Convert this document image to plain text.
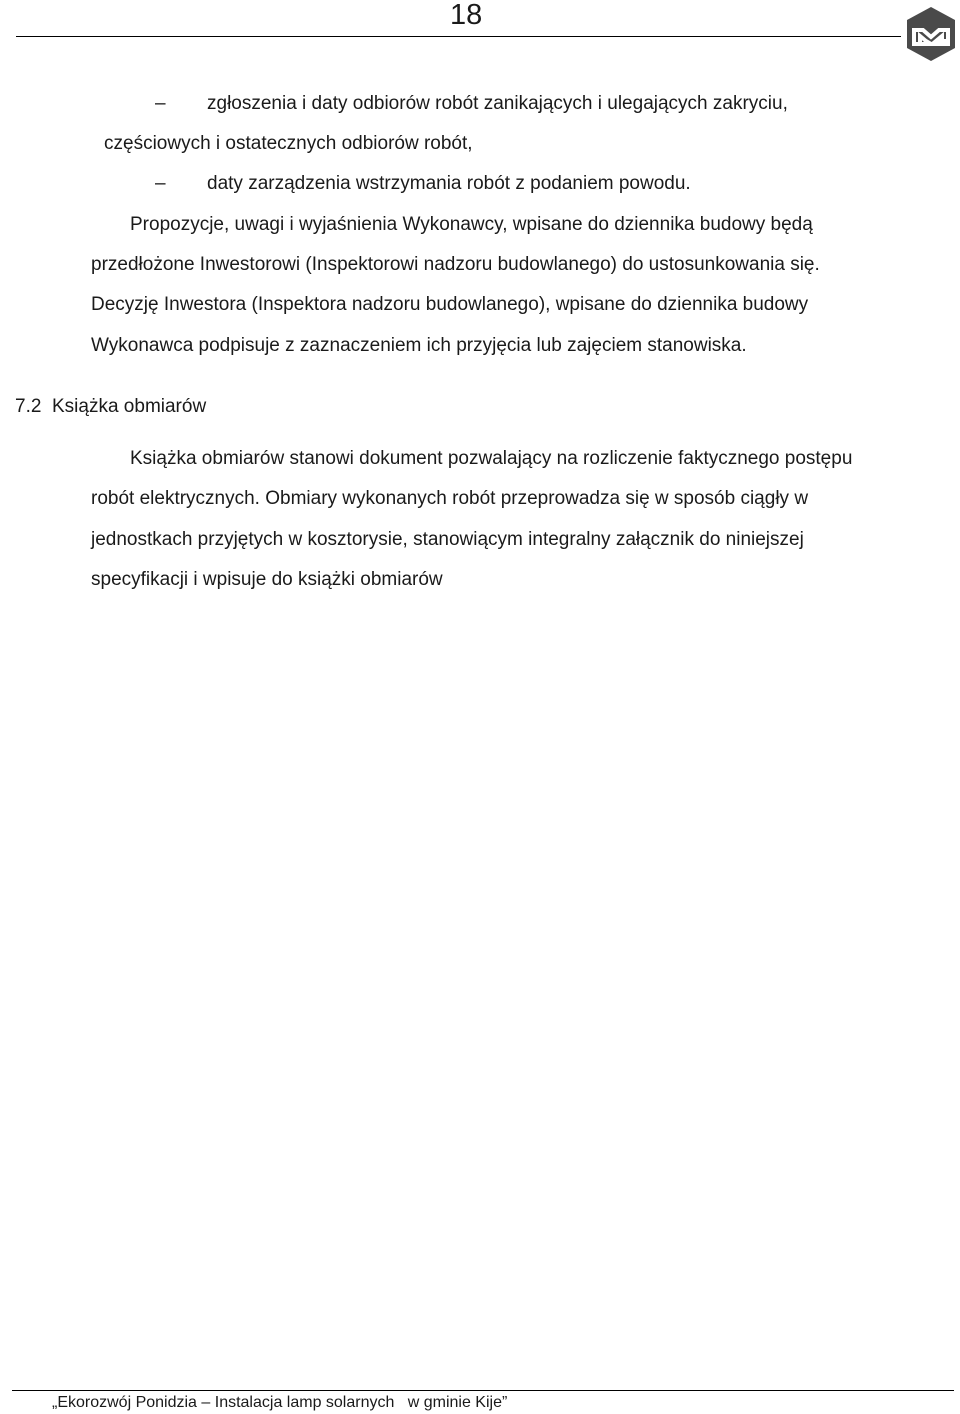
18
– zgłoszenia i daty odbiorów robót zanikających i ulegających zakryciu,
częściowych i ostatecznych odbiorów robót,
– daty zarządzenia wstrzymania robót z podaniem powodu.
Propozycje, uwagi i wyjaśnienia Wykonawcy, wpisane do dziennika budowy będą
przedłożone Inwestorowi (Inspektorowi nadzoru budowlanego) do ustosunkowania się.
Decyzję Inwestora (Inspektora nadzoru budowlanego), wpisane do dziennika budowy
Wykonawca podpisuje z zaznaczeniem ich przyjęcia lub zajęciem stanowiska.
7.2 Książka obmiarów
Książka obmiarów stanowi dokument pozwalający na rozliczenie faktycznego postępu
robót elektrycznych. Obmiary wykonanych robót przeprowadza się w sposób ciągły w
jednostkach przyjętych w kosztorysie, stanowiącym integralny załącznik do niniejszej
specyfikacji i wpisuje do książki obmiarów
„Ekorozwój Ponidzia – Instalacja lamp solarnych   w gminie Kije”
